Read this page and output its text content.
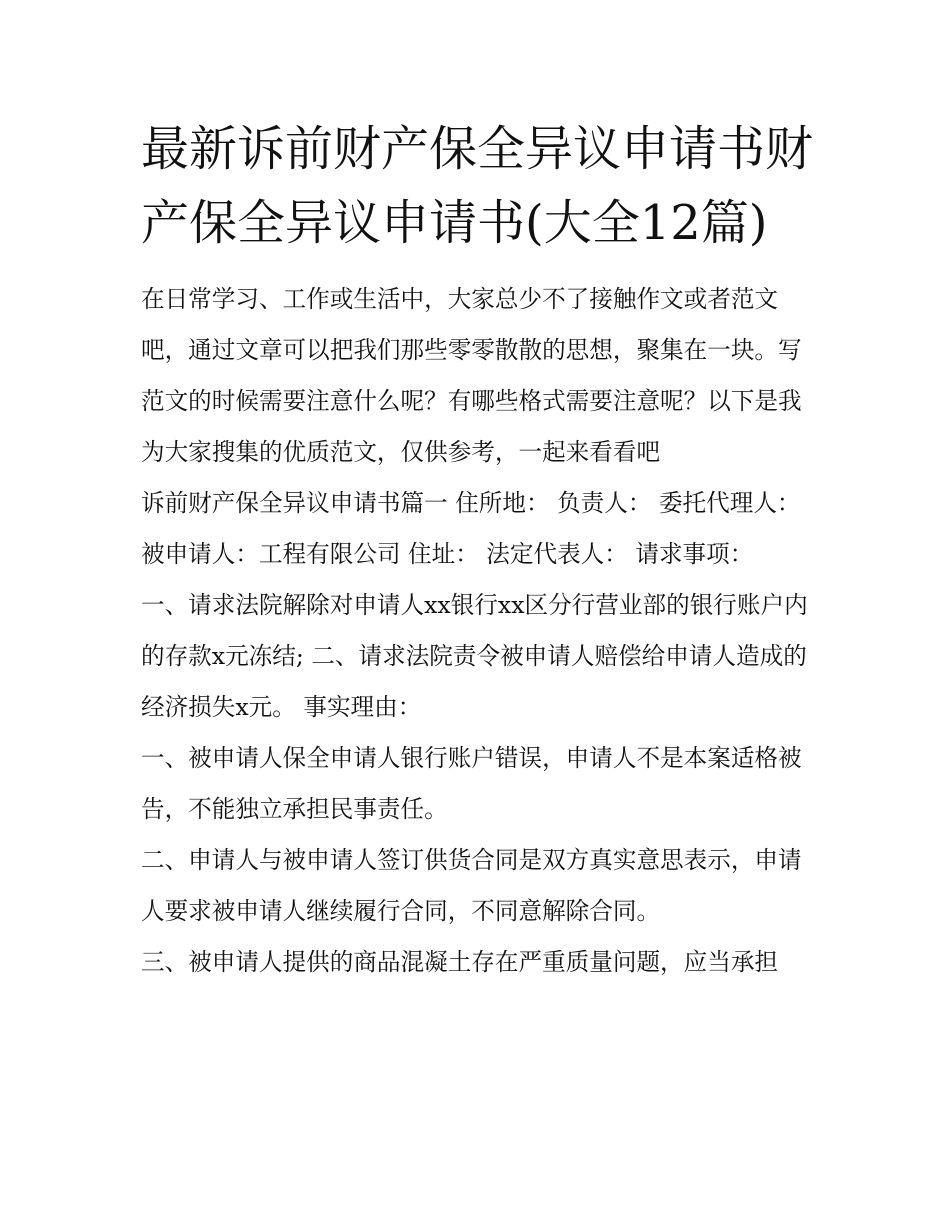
最新诉前财产保全异议申请书财产保全异议申请书(大全12篇)

在日常学习、工作或生活中，大家总少不了接触作文或者范文吧，通过文章可以把我们那些零零散散的思想，聚集在一块。写范文的时候需要注意什么呢？有哪些格式需要注意呢？以下是我为大家搜集的优质范文，仅供参考，一起来看看吧

诉前财产保全异议申请书篇一 住所地： 负责人： 委托代理人： 被申请人：工程有限公司 住址： 法定代表人： 请求事项：

一、请求法院解除对申请人xx银行xx区分行营业部的银行账户内的存款x元冻结; 二、请求法院责令被申请人赔偿给申请人造成的经济损失x元。 事实理由：

一、被申请人保全申请人银行账户错误，申请人不是本案适格被告，不能独立承担民事责任。

二、申请人与被申请人签订供货合同是双方真实意思表示，申请人要求被申请人继续履行合同，不同意解除合同。

三、被申请人提供的商品混凝土存在严重质量问题，应当承担
